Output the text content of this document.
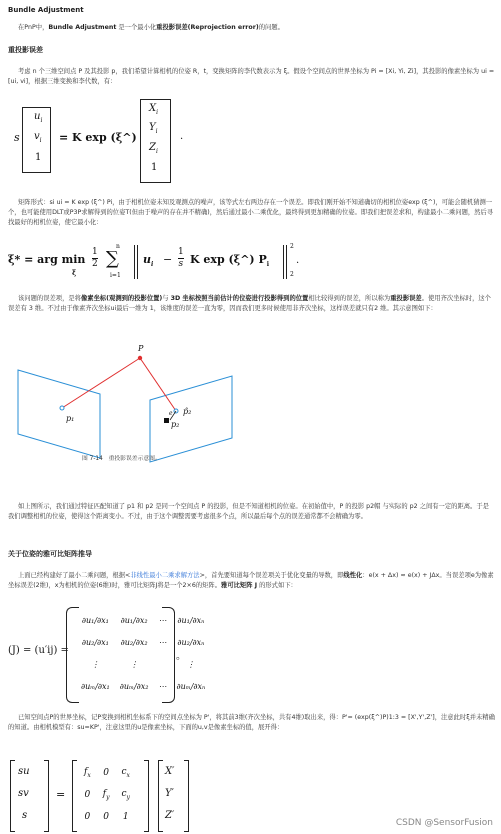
Bundle Adjustment
在PnP中，Bundle Adjustment 是一个最小化重投影误差(Reprojection error)的问题。
重投影误差
考虑 n 个三维空间点 P 及其投影 p，我们希望计算相机的位姿 R，t，变换矩阵的李代数表示为 ξ。假设个空间点的世界坐标为 Pi = [Xi, Yi, Zi]，其投影的像素坐标为 ui = [ui, vi]，根据三维变换和李代数，有：
s
$u_i$
$v_i$
1
= K exp (ξ^)
$X_i$
$Y_i$
$Z_i$
1
.
矩阵形式：si ui = K exp (ξ^) Pi，由于相机位姿未知及观测点的噪声，该等式左右两边存在一个误差。即我们刚开始不知道确切的相机位姿exp (ξ^)，可能会随机猜测一个，也可能使用DLT或P3P求解得到的位姿T(但由于噪声的存在并不精确)，然后通过最小二乘优化，最终得到更加精确的位姿。即我们把误差求和，构建最小二乘问题，然后寻找最好的相机位姿，使它最小化：
ξ* = arg min
ξ
$\frac{1}{2}$
n
∑
i=1
$u_i - \frac{1}{s}$ K exp (ξ^) $P_i$
2
2
.
该问题的误差项，是将像素坐标(观测到的投影位置)与 3D 坐标按照当前估计的位姿进行投影得到的位置相比较得到的误差，所以称为重投影误差。使用齐次坐标时，这个误差有 3 维。不过由于像素齐次坐标ui最后一维为 1，该维度的误差一直为零，因而我们更多时候使用非齐次坐标，这样误差就只有2 维。其示意图如下：
P
p₁
p̂₂
e
p₂
图 7-14　重投影误差示意图。
如上图所示，我们通过特征匹配知道了 p1 和 p2 是同一个空间点 P 的投影，但是不知道相机的位姿。在初始值中，P 的投影 p2帽 与实际的 p2 之间有一定的距离。于是我们调整相机的位姿，使得这个距离变小。不过，由于这个调整需要考虑很多个点，所以最后每个点的误差通常都不会精确为零。
关于位姿的雅可比矩阵推导
上面已经构建好了最小二乘问题，根据<非线性最小二乘求解方法>，首先要知道每个误差项关于优化变量的导数，即线性化：e(x + Δx) ≈ e(x) + JΔx。当误差项e为像素坐标误差(2维)，x为相机的位姿(6维)时，雅可比矩阵J将是一个2×6的矩阵。雅可比矩阵 J 的形式如下：
(J) = (u′ij) =
∂u₁/∂x₁	∂u₁/∂x₂	⋯	∂u₁/∂xₙ
∂u₂/∂x₁	∂u₂/∂x₂	⋯	∂u₂/∂xₙ
⋮	⋮		⋮
∂uₘ/∂x₁	∂uₘ/∂x₂	⋯	∂uₘ/∂xₙ
。
已知空间点P的世界坐标，记P变换到相机坐标系下的空间点坐标为 P'，将其前3维(齐次坐标，共有4维)取出来，得：P'= (exp(ξ^)P)1:3 = [X',Y',Z']，注意此时ξ并未精确的知道。由相机模型有：su=KP'，注意这里的u是像素坐标，下面的u,v是像素坐标的值，展开得：
su
sv
s
=
$f_x$	0	$c_x$
0	$f_y$	$c_y$
0	0	1
X′
Y′
Z′
CSDN @SensorFusion
